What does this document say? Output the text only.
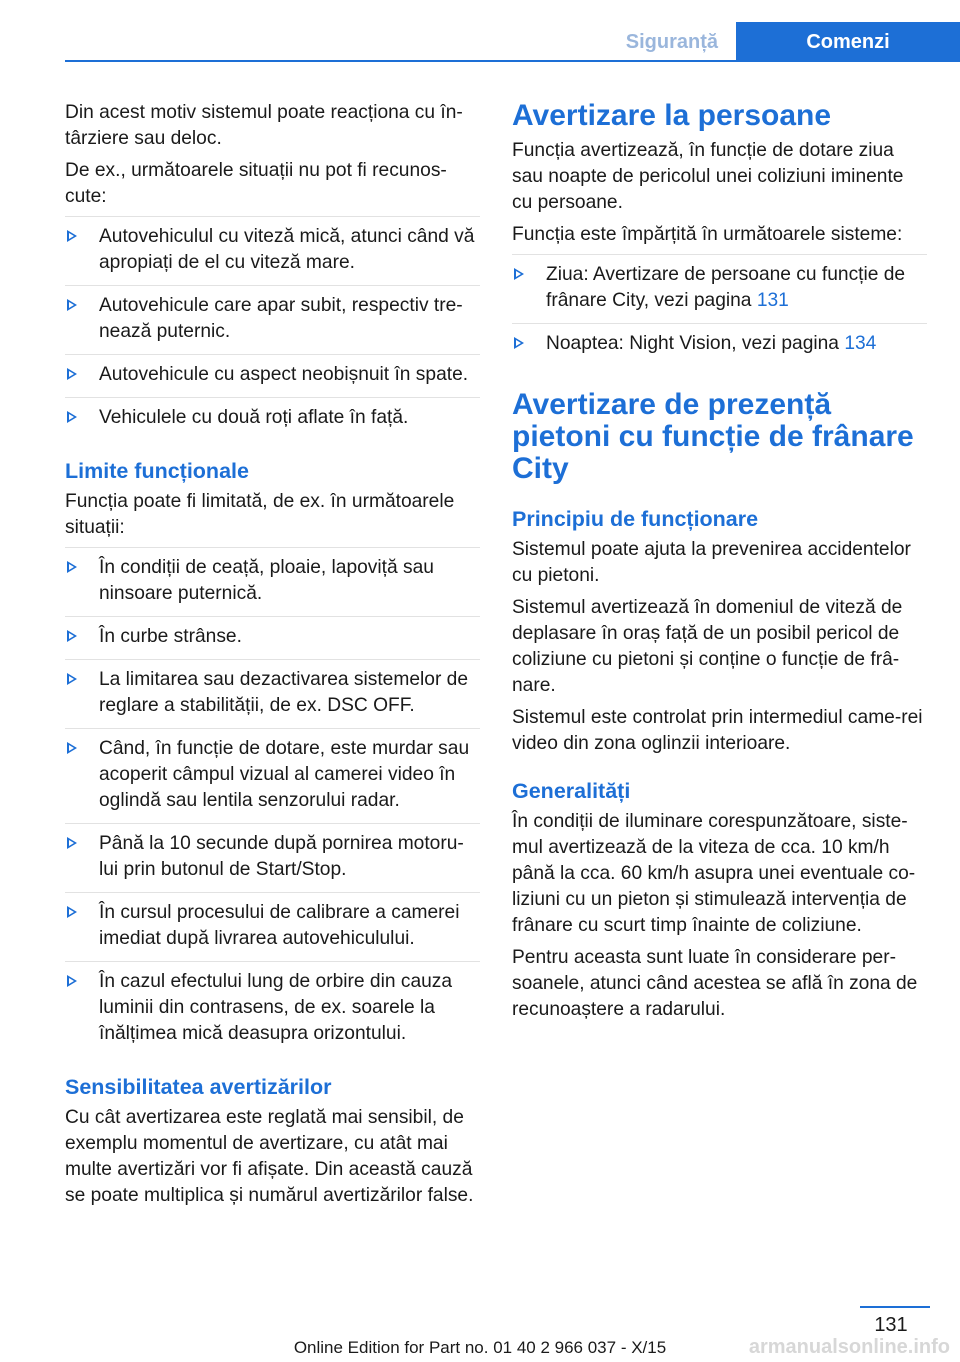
Siguranță	Comenzi

Din acest motiv sistemul poate reacționa cu în‐târziere sau deloc.

De ex., următoarele situații nu pot fi recunos‐cute:

Autovehiculul cu viteză mică, atunci când vă apropiați de el cu viteză mare.
Autovehicule care apar subit, respectiv tre‐nează puternic.
Autovehicule cu aspect neobișnuit în spate.
Vehiculele cu două roți aflate în față.
Limite funcționale

Funcția poate fi limitată, de ex. în următoarele situații:

În condiții de ceață, ploaie, lapoviță sau ninsoare puternică.
În curbe strânse.
La limitarea sau dezactivarea sistemelor de reglare a stabilității, de ex. DSC OFF.
Când, în funcție de dotare, este murdar sau acoperit câmpul vizual al camerei video în oglindă sau lentila senzorului radar.
Până la 10 secunde după pornirea motoru‐lui prin butonul de Start/Stop.
În cursul procesului de calibrare a camerei imediat după livrarea autovehiculului.
În cazul efectului lung de orbire din cauza luminii din contrasens, de ex. soarele la înălțimea mică deasupra orizontului.
Sensibilitatea avertizărilor

Cu cât avertizarea este reglată mai sensibil, de exemplu momentul de avertizare, cu atât mai multe avertizări vor fi afișate. Din această cauză se poate multiplica și numărul avertizărilor false.

Avertizare la persoane

Funcția avertizează, în funcție de dotare ziua sau noapte de pericolul unei coliziuni iminente cu persoane.

Funcția este împărțită în următoarele sisteme:

Ziua: Avertizare de persoane cu funcție de frânare City, vezi pagina 131
Noaptea: Night Vision, vezi pagina 134
Avertizare de prezență pietoni cu funcție de frânare City
Principiu de funcționare

Sistemul poate ajuta la prevenirea accidentelor cu pietoni.

Sistemul avertizează în domeniul de viteză de deplasare în oraș față de un posibil pericol de coliziune cu pietoni și conține o funcție de frâ‐nare.

Sistemul este controlat prin intermediul came‐rei video din zona oglinzii interioare.

Generalități

În condiții de iluminare corespunzătoare, siste‐mul avertizează de la viteza de cca. 10 km/h până la cca. 60 km/h asupra unei eventuale co‐liziuni cu un pieton și stimulează intervenția de frânare cu scurt timp înainte de coliziune.

Pentru aceasta sunt luate în considerare per‐soanele, atunci când acestea se află în zona de recunoaștere a radarului.

131
Online Edition for Part no. 01 40 2 966 037 - X/15	armanualsonline.info
